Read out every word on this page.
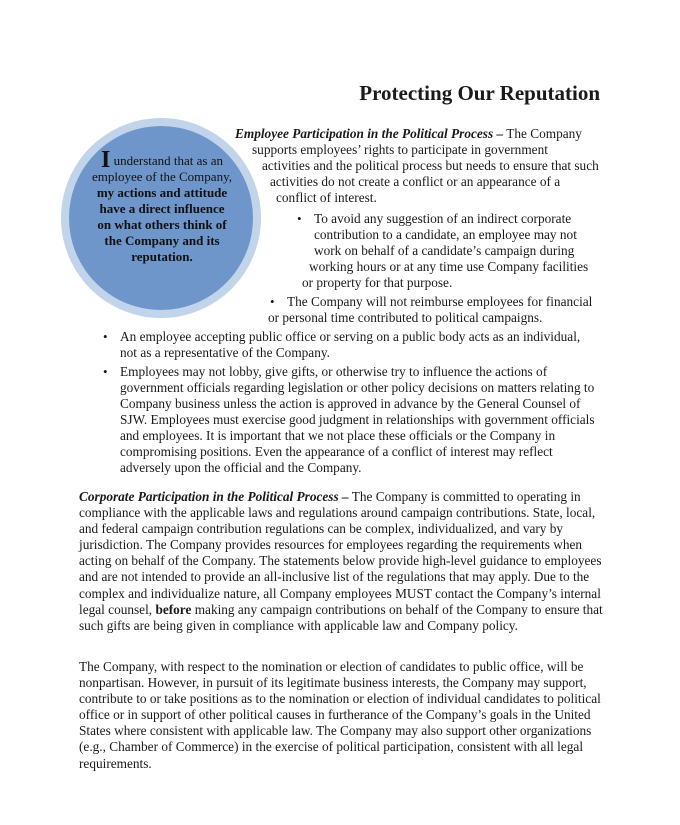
Protecting Our Reputation
I understand that as an employee of the Company, my actions and attitude have a direct influence on what others think of the Company and its reputation.

Employee Participation in the Political Process – The Company

supports employees’ rights to participate in government

activities and the political process but needs to ensure that such

activities do not create a conflict or an appearance of a

conflict of interest.

• To avoid any suggestion of an indirect corporate

contribution to a candidate, an employee may not

work on behalf of a candidate’s campaign during

working hours or at any time use Company facilities

or property for that purpose.

• The Company will not reimburse employees for financial

or personal time contributed to political campaigns.

• An employee accepting public office or serving on a public body acts as an individual,

not as a representative of the Company.

• Employees may not lobby, give gifts, or otherwise try to influence the actions of

government officials regarding legislation or other policy decisions on matters relating to

Company business unless the action is approved in advance by the General Counsel of

SJW. Employees must exercise good judgment in relationships with government officials

and employees. It is important that we not place these officials or the Company in

compromising positions. Even the appearance of a conflict of interest may reflect

adversely upon the official and the Company.

Corporate Participation in the Political Process – The Company is committed to operating in compliance with the applicable laws and regulations around campaign contributions. State, local, and federal campaign contribution regulations can be complex, individualized, and vary by jurisdiction. The Company provides resources for employees regarding the requirements when acting on behalf of the Company. The statements below provide high-level guidance to employees and are not intended to provide an all-inclusive list of the regulations that may apply. Due to the complex and individualize nature, all Company employees MUST contact the Company’s internal legal counsel, before making any campaign contributions on behalf of the Company to ensure that such gifts are being given in compliance with applicable law and Company policy.

The Company, with respect to the nomination or election of candidates to public office, will be nonpartisan. However, in pursuit of its legitimate business interests, the Company may support, contribute to or take positions as to the nomination or election of individual candidates to political office or in support of other political causes in furtherance of the Company’s goals in the United States where consistent with applicable law. The Company may also support other organizations (e.g., Chamber of Commerce) in the exercise of political participation, consistent with all legal requirements.
